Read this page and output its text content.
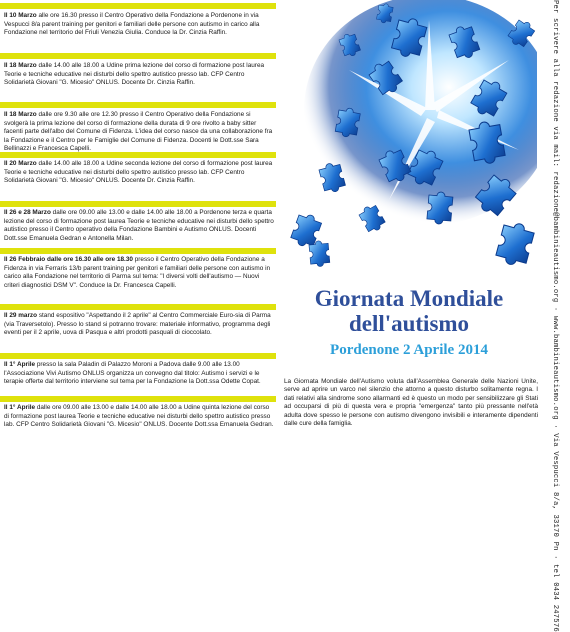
Il 10 Marzo alle ore 16.30 presso il Centro Operativo della Fondazione a Pordenone in via Vespucci 8/a parent training per genitori e familiari delle persone con autismo in carico alla Fondazione nel territorio del Friuli Venezia Giulia. Conduce la Dr. Cinzia Raffin.
Il 18 Marzo dalle 14.00 alle 18.00 a Udine prima lezione del corso di formazione post laurea Teorie e tecniche educative nei disturbi dello spettro autistico presso lab. CFP Centro Solidarietà Giovani "G. Micesio" ONLUS. Docente Dr. Cinzia Raffin.
Il 18 Marzo dalle ore 9.30 alle ore 12.30 presso il Centro Operativo della Fondazione si svolgerà la prima lezione del corso di formazione della durata di 9 ore rivolto a baby sitter facenti parte dell'albo del Comune di Fidenza. L'idea del corso nasce da una collaborazione fra la Fondazione e il Centro per le Famiglie del Comune di Fidenza. Docenti le Dott.sse Sara Bellinazzi e Francesca Capelli.
Il 20 Marzo dalle 14.00 alle 18.00 a Udine seconda lezione del corso di formazione post laurea Teorie e tecniche educative nei disturbi dello spettro autistico presso lab. CFP Centro Solidarietà Giovani "G. Micesio" ONLUS. Docente Dr. Cinzia Raffin.
Il 26 e 28 Marzo dalle ore 09.00 alle 13.00 e dalle 14.00 alle 18.00 a Pordenone terza e quarta lezione del corso di formazione post laurea Teorie e tecniche educative nei disturbi dello spettro autistico presso il Centro operativo della Fondazione Bambini e Autismo ONLUS. Docenti Dott.sse Emanuela Gedran e Antonella Milan.
Il 26 Febbraio dalle ore 16.30 alle ore 18.30 presso il Centro Operativo della Fondazione a Fidenza in via Ferraris 13/b parent training per genitori e familiari delle persone con autismo in carico alla Fondazione nel territorio di Parma sul tema: "I diversi volti dell'autismo — Nuovi criteri diagnostici DSM V". Conduce la Dr. Francesca Capelli.
Il 29 marzo stand espositivo "Aspettando il 2 aprile" al Centro Commerciale Euro-sia di Parma (via Traversetolo). Presso lo stand si potranno trovare: materiale informativo, programma degli eventi per il 2 aprile, uova di Pasqua e altri prodotti pasquali di cioccolato.
Il 1° Aprile presso la sala Paladin di Palazzo Moroni a Padova dalle 9.00 alle 13.00 l'Associazione Vivi Autismo ONLUS organizza un convegno dal titolo: Autismo i servizi e le terapie offerte dal territorio interviene sul tema per la Fondazione la Dott.ssa Odette Copat.
Il 1° Aprile dalle ore 09.00 alle 13.00 e dalle 14.00 alle 18.00 a Udine quinta lezione del corso di formazione post laurea Teorie e tecniche educative nei disturbi dello spettro autistico presso lab. CFP Centro Solidarietà Giovani "G. Micesio" ONLUS. Docente Dott.ssa Emanuela Gedran.
Giornata Mondiale
dell'autismo
Pordenone 2 Aprile 2014
La Giornata Mondiale dell'Autismo voluta dall'Assemblea Generale delle Nazioni Unite, serve ad aprire un varco nel silenzio che attorno a questo disturbo solitamente regna. I dati relativi alla sindrome sono allarmanti ed è questo un modo per sensibilizzare gli Stati ad occuparsi di più di questa vera e propria "emergenza" tanto più pressante nell'età adulta dove spesso le persone con autismo divengono invisibili e interamente dipendenti dalle cure della famiglia.	Per scrivere alla redazione via mail: redazione@bambinieautismo.org · www.bambinieautismo.org · Via Vespucci 8/a, 33170 Pn · tel 0434 247576
